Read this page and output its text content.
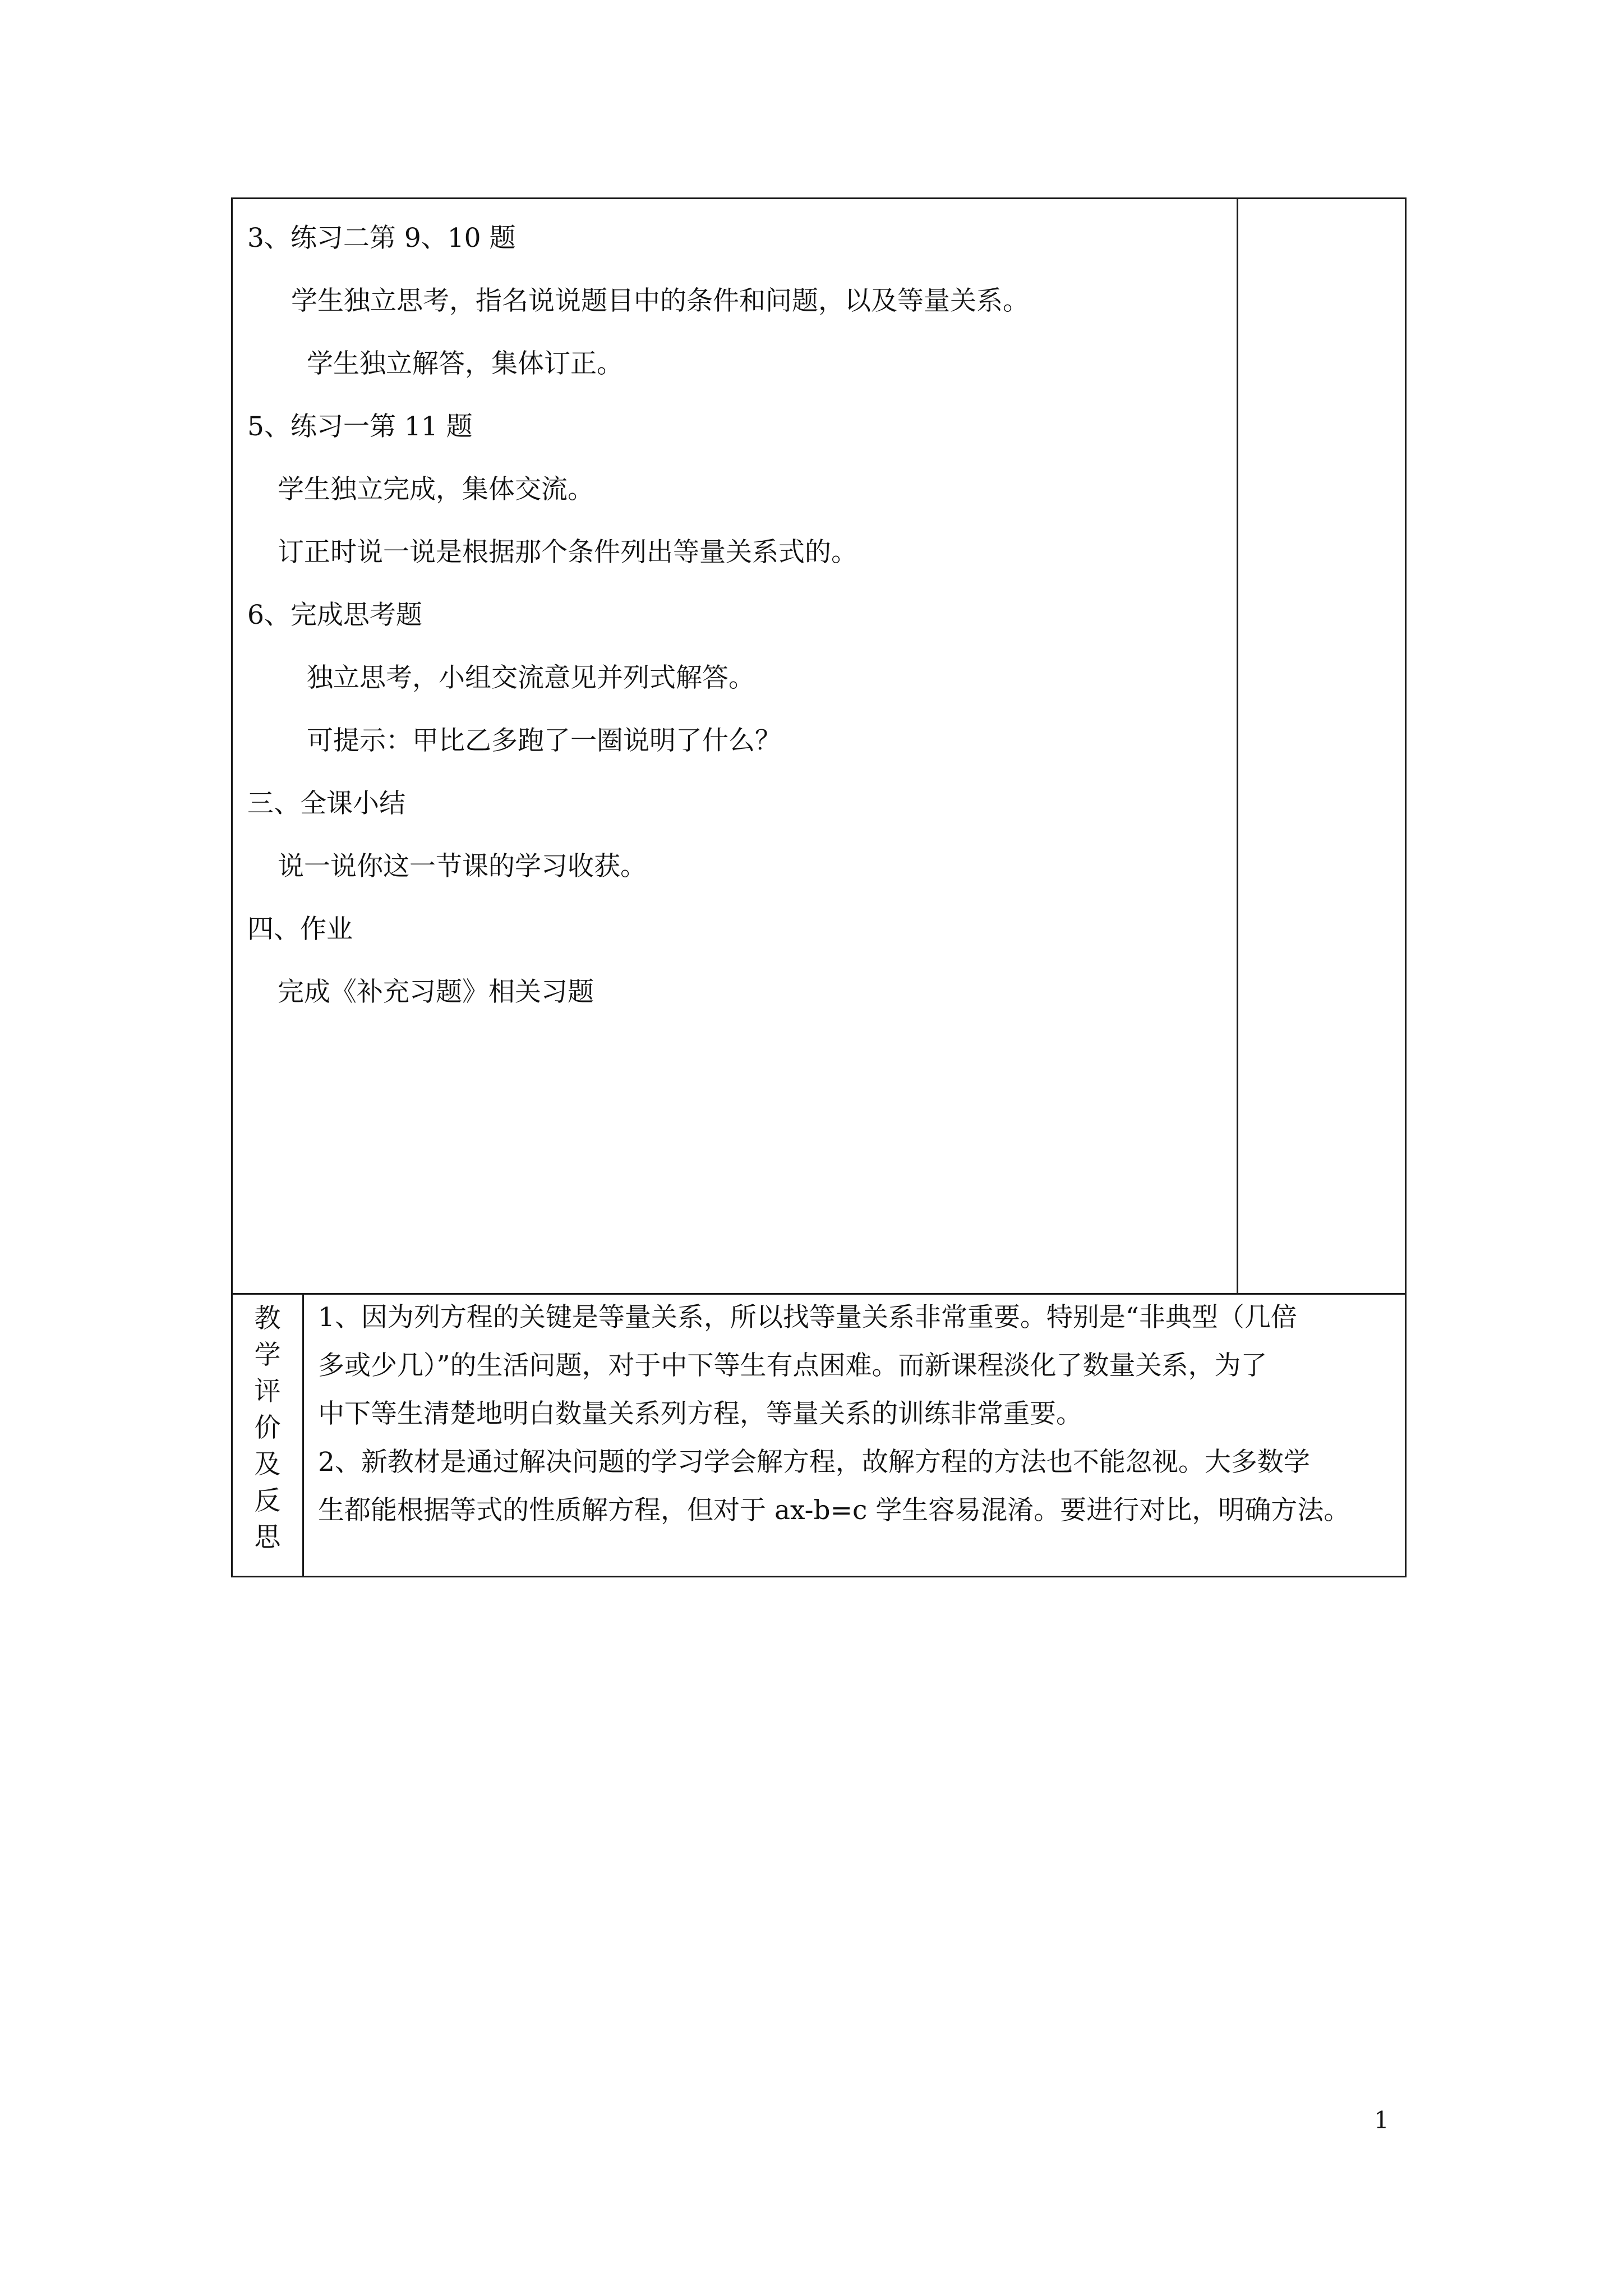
3、练习二第 9、10 题
学生独立思考，指名说说题目中的条件和问题，以及等量关系。
学生独立解答，集体订正。
5、练习一第 11 题
学生独立完成，集体交流。
订正时说一说是根据那个条件列出等量关系式的。
6、完成思考题
独立思考，小组交流意见并列式解答。
可提示：甲比乙多跑了一圈说明了什么？
三、全课小结
说一说你这一节课的学习收获。
四、作业
完成《补充习题》相关习题
教
学
评
价
及
反
思
1、因为列方程的关键是等量关系，所以找等量关系非常重要。特别是“非典型（几倍
多或少几）”的生活问题，对于中下等生有点困难。而新课程淡化了数量关系，为了
中下等生清楚地明白数量关系列方程，等量关系的训练非常重要。
2、新教材是通过解决问题的学习学会解方程，故解方程的方法也不能忽视。大多数学
生都能根据等式的性质解方程，但对于 ax-b=c 学生容易混淆。要进行对比，明确方法。
1
